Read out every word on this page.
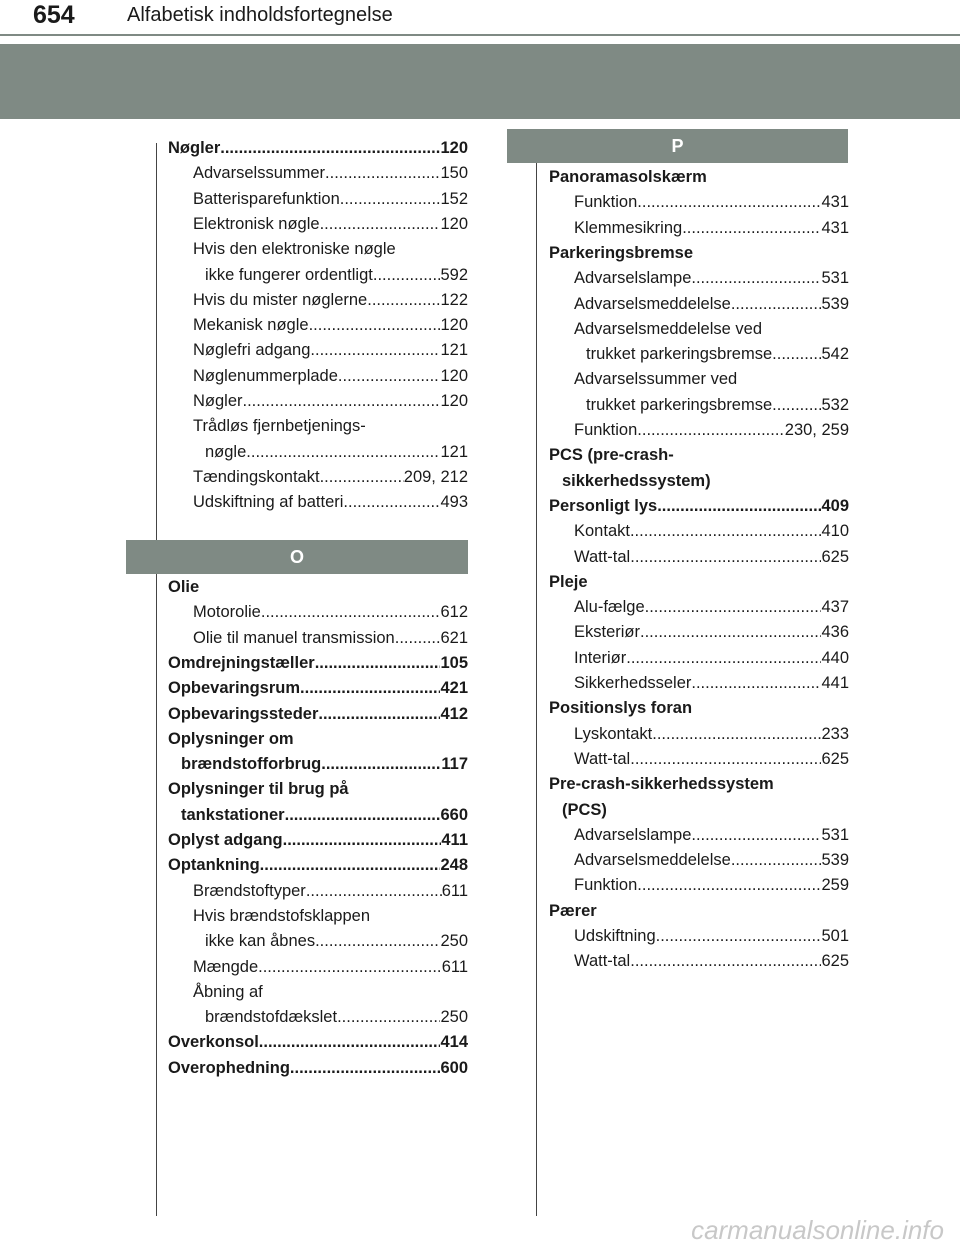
654	Alfabetisk indholdsfortegnelse
O
P
Nøgler .....	120
Advarselssummer .....	150
Batterisparefunktion .....	152
Elektronisk nøgle .....	120
Hvis den elektroniske nøgle
ikke fungerer ordentligt .....	592
Hvis du mister nøglerne .....	122
Mekanisk nøgle .....	120
Nøglefri adgang .....	121
Nøglenummerplade .....	120
Nøgler .....	120
Trådløs fjernbetjenings-
nøgle .....	121
Tændingskontakt .....	209, 212
Udskiftning af batteri .....	493
Olie
Motorolie .....	612
Olie til manuel transmission .....	621
Omdrejningstæller .....	105
Opbevaringsrum .....	421
Opbevaringssteder .....	412
Oplysninger om
brændstofforbrug .....	117
Oplysninger til brug på
tankstationer .....	660
Oplyst adgang .....	411
Optankning .....	248
Brændstoftyper .....	611
Hvis brændstofsklappen
ikke kan åbnes .....	250
Mængde .....	611
Åbning af
brændstofdækslet .....	250
Overkonsol .....	414
Overophedning .....	600
Panoramasolskærm
Funktion .....	431
Klemmesikring .....	431
Parkeringsbremse
Advarselslampe .....	531
Advarselsmeddelelse .....	539
Advarselsmeddelelse ved
trukket parkeringsbremse .....	542
Advarselssummer ved
trukket parkeringsbremse .....	532
Funktion .....	230, 259
PCS (pre-crash-
sikkerhedssystem)
Personligt lys .....	409
Kontakt .....	410
Watt-tal .....	625
Pleje
Alu-fælge .....	437
Eksteriør .....	436
Interiør .....	440
Sikkerhedsseler .....	441
Positionslys foran
Lyskontakt .....	233
Watt-tal .....	625
Pre-crash-sikkerhedssystem
(PCS)
Advarselslampe .....	531
Advarselsmeddelelse .....	539
Funktion .....	259
Pærer
Udskiftning .....	501
Watt-tal .....	625
carmanualsonline.info
